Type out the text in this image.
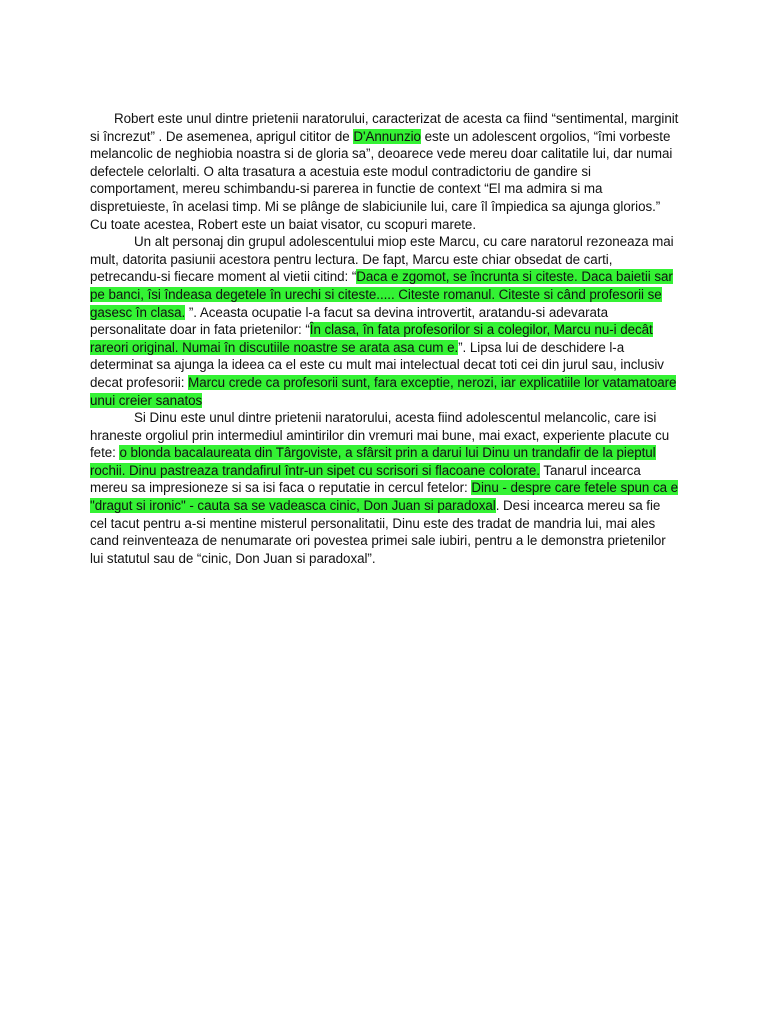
Robert este unul dintre prietenii naratorului, caracterizat de acesta ca fiind “sentimental, marginit si încrezut” . De asemenea, aprigul cititor de D'Annunzio este un adolescent orgolios, “îmi vorbeste melancolic de neghiobia noastra si de gloria sa”, deoarece vede mereu doar calitatile lui, dar numai defectele celorlalti. O alta trasatura a acestuia este modul contradictoriu de gandire si comportament, mereu schimbandu-si parerea in functie de context “El ma admira si ma dispretuieste, în acelasi timp. Mi se plânge de slabiciunile lui, care îl împiedica sa ajunga glorios.” Cu toate acestea, Robert este un baiat visator, cu scopuri marete.

Un alt personaj din grupul adolescentului miop este Marcu, cu care naratorul rezoneaza mai mult, datorita pasiunii acestora pentru lectura. De fapt, Marcu este chiar obsedat de carti, petrecandu-si fiecare moment al vietii citind: “Daca e zgomot, se încrunta si citeste. Daca baietii sar pe banci, îsi îndeasa degetele în urechi si citeste..... Citeste romanul. Citeste si când profesorii se gasesc în clasa. ”. Aceasta ocupatie l-a facut sa devina introvertit, aratandu-si adevarata personalitate doar in fata prietenilor: “În clasa, în fata profesorilor si a colegilor, Marcu nu-i decât rareori original. Numai în discutiile noastre se arata asa cum e.”. Lipsa lui de deschidere l-a determinat sa ajunga la ideea ca el este cu mult mai intelectual decat toti cei din jurul sau, inclusiv decat profesorii: Marcu crede ca profesorii sunt, fara exceptie, nerozi, iar explicatiile lor vatamatoare unui creier sanatos

Si Dinu este unul dintre prietenii naratorului, acesta fiind adolescentul melancolic, care isi hraneste orgoliul prin intermediul amintirilor din vremuri mai bune, mai exact, experiente placute cu fete: o blonda bacalaureata din Târgoviste, a sfârsit prin a darui lui Dinu un trandafir de la pieptul rochii. Dinu pastreaza trandafirul într-un sipet cu scrisori si flacoane colorate. Tanarul incearca mereu sa impresioneze si sa isi faca o reputatie in cercul fetelor: Dinu - despre care fetele spun ca e "dragut si ironic" - cauta sa se vadeasca cinic, Don Juan si paradoxal. Desi incearca mereu sa fie cel tacut pentru a-si mentine misterul personalitatii, Dinu este des tradat de mandria lui, mai ales cand reinventeaza de nenumarate ori povestea primei sale iubiri, pentru a le demonstra prietenilor lui statutul sau de “cinic, Don Juan si paradoxal”.
